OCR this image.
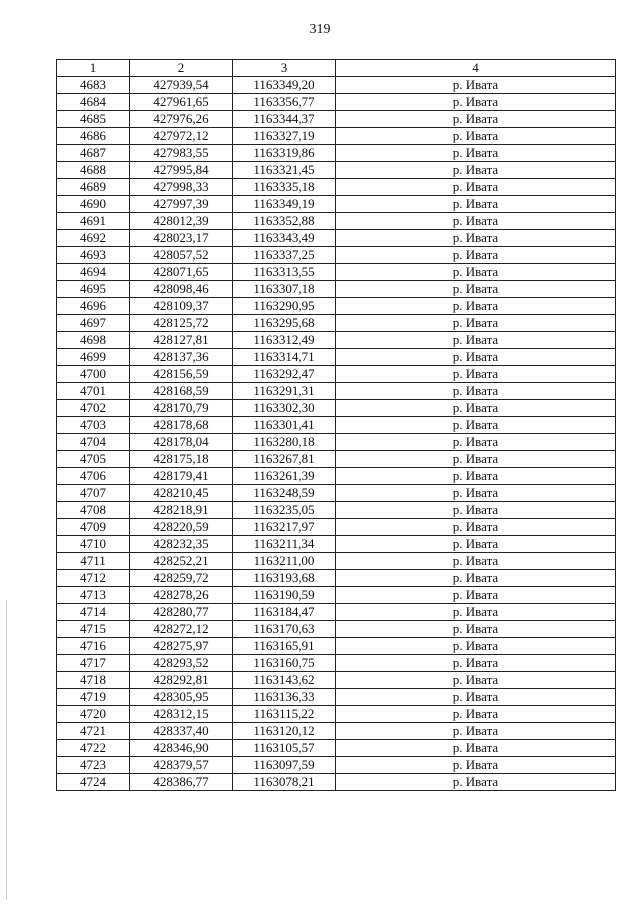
319
1	2	3	4
4683	427939,54	1163349,20	р. Ивата
4684	427961,65	1163356,77	р. Ивата
4685	427976,26	1163344,37	р. Ивата
4686	427972,12	1163327,19	р. Ивата
4687	427983,55	1163319,86	р. Ивата
4688	427995,84	1163321,45	р. Ивата
4689	427998,33	1163335,18	р. Ивата
4690	427997,39	1163349,19	р. Ивата
4691	428012,39	1163352,88	р. Ивата
4692	428023,17	1163343,49	р. Ивата
4693	428057,52	1163337,25	р. Ивата
4694	428071,65	1163313,55	р. Ивата
4695	428098,46	1163307,18	р. Ивата
4696	428109,37	1163290,95	р. Ивата
4697	428125,72	1163295,68	р. Ивата
4698	428127,81	1163312,49	р. Ивата
4699	428137,36	1163314,71	р. Ивата
4700	428156,59	1163292,47	р. Ивата
4701	428168,59	1163291,31	р. Ивата
4702	428170,79	1163302,30	р. Ивата
4703	428178,68	1163301,41	р. Ивата
4704	428178,04	1163280,18	р. Ивата
4705	428175,18	1163267,81	р. Ивата
4706	428179,41	1163261,39	р. Ивата
4707	428210,45	1163248,59	р. Ивата
4708	428218,91	1163235,05	р. Ивата
4709	428220,59	1163217,97	р. Ивата
4710	428232,35	1163211,34	р. Ивата
4711	428252,21	1163211,00	р. Ивата
4712	428259,72	1163193,68	р. Ивата
4713	428278,26	1163190,59	р. Ивата
4714	428280,77	1163184,47	р. Ивата
4715	428272,12	1163170,63	р. Ивата
4716	428275,97	1163165,91	р. Ивата
4717	428293,52	1163160,75	р. Ивата
4718	428292,81	1163143,62	р. Ивата
4719	428305,95	1163136,33	р. Ивата
4720	428312,15	1163115,22	р. Ивата
4721	428337,40	1163120,12	р. Ивата
4722	428346,90	1163105,57	р. Ивата
4723	428379,57	1163097,59	р. Ивата
4724	428386,77	1163078,21	р. Ивата
